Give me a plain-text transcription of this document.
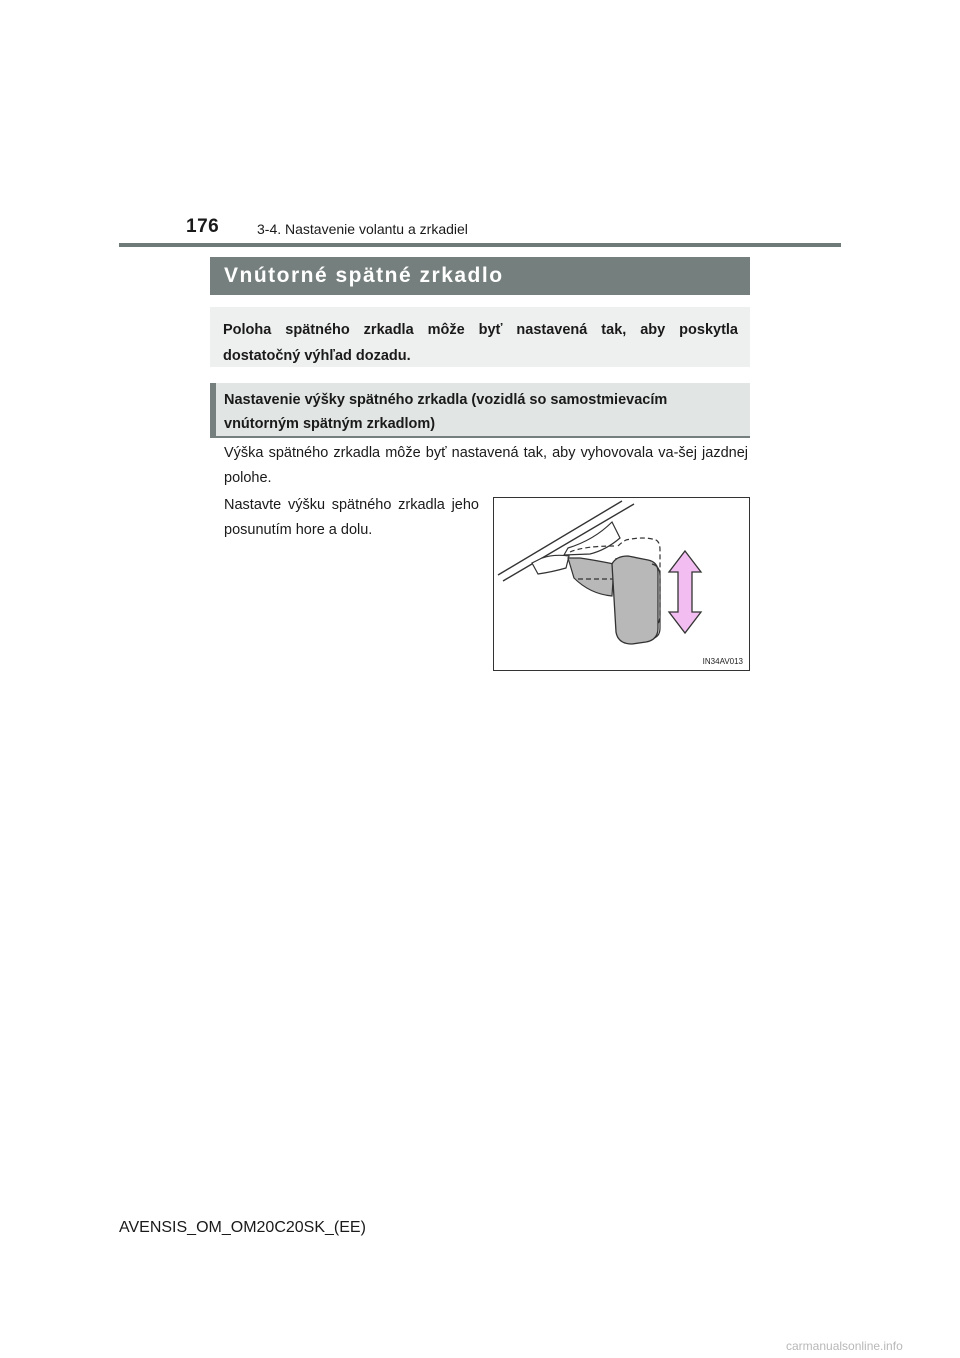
176	3-4. Nastavenie volantu a zrkadiel
Vnútorné spätné zrkadlo
Poloha spätného zrkadla môže byť nastavená tak, aby poskytla dostatočný výhľad dozadu.
Nastavenie výšky spätného zrkadla (vozidlá so samostmievacím vnútorným spätným zrkadlom)
Výška spätného zrkadla môže byť nastavená tak, aby vyhovovala va-šej jazdnej polohe.
Nastavte výšku spätného zrkadla jeho posunutím hore a dolu.
IN34AV013
AVENSIS_OM_OM20C20SK_(EE)
carmanualsonline.info
